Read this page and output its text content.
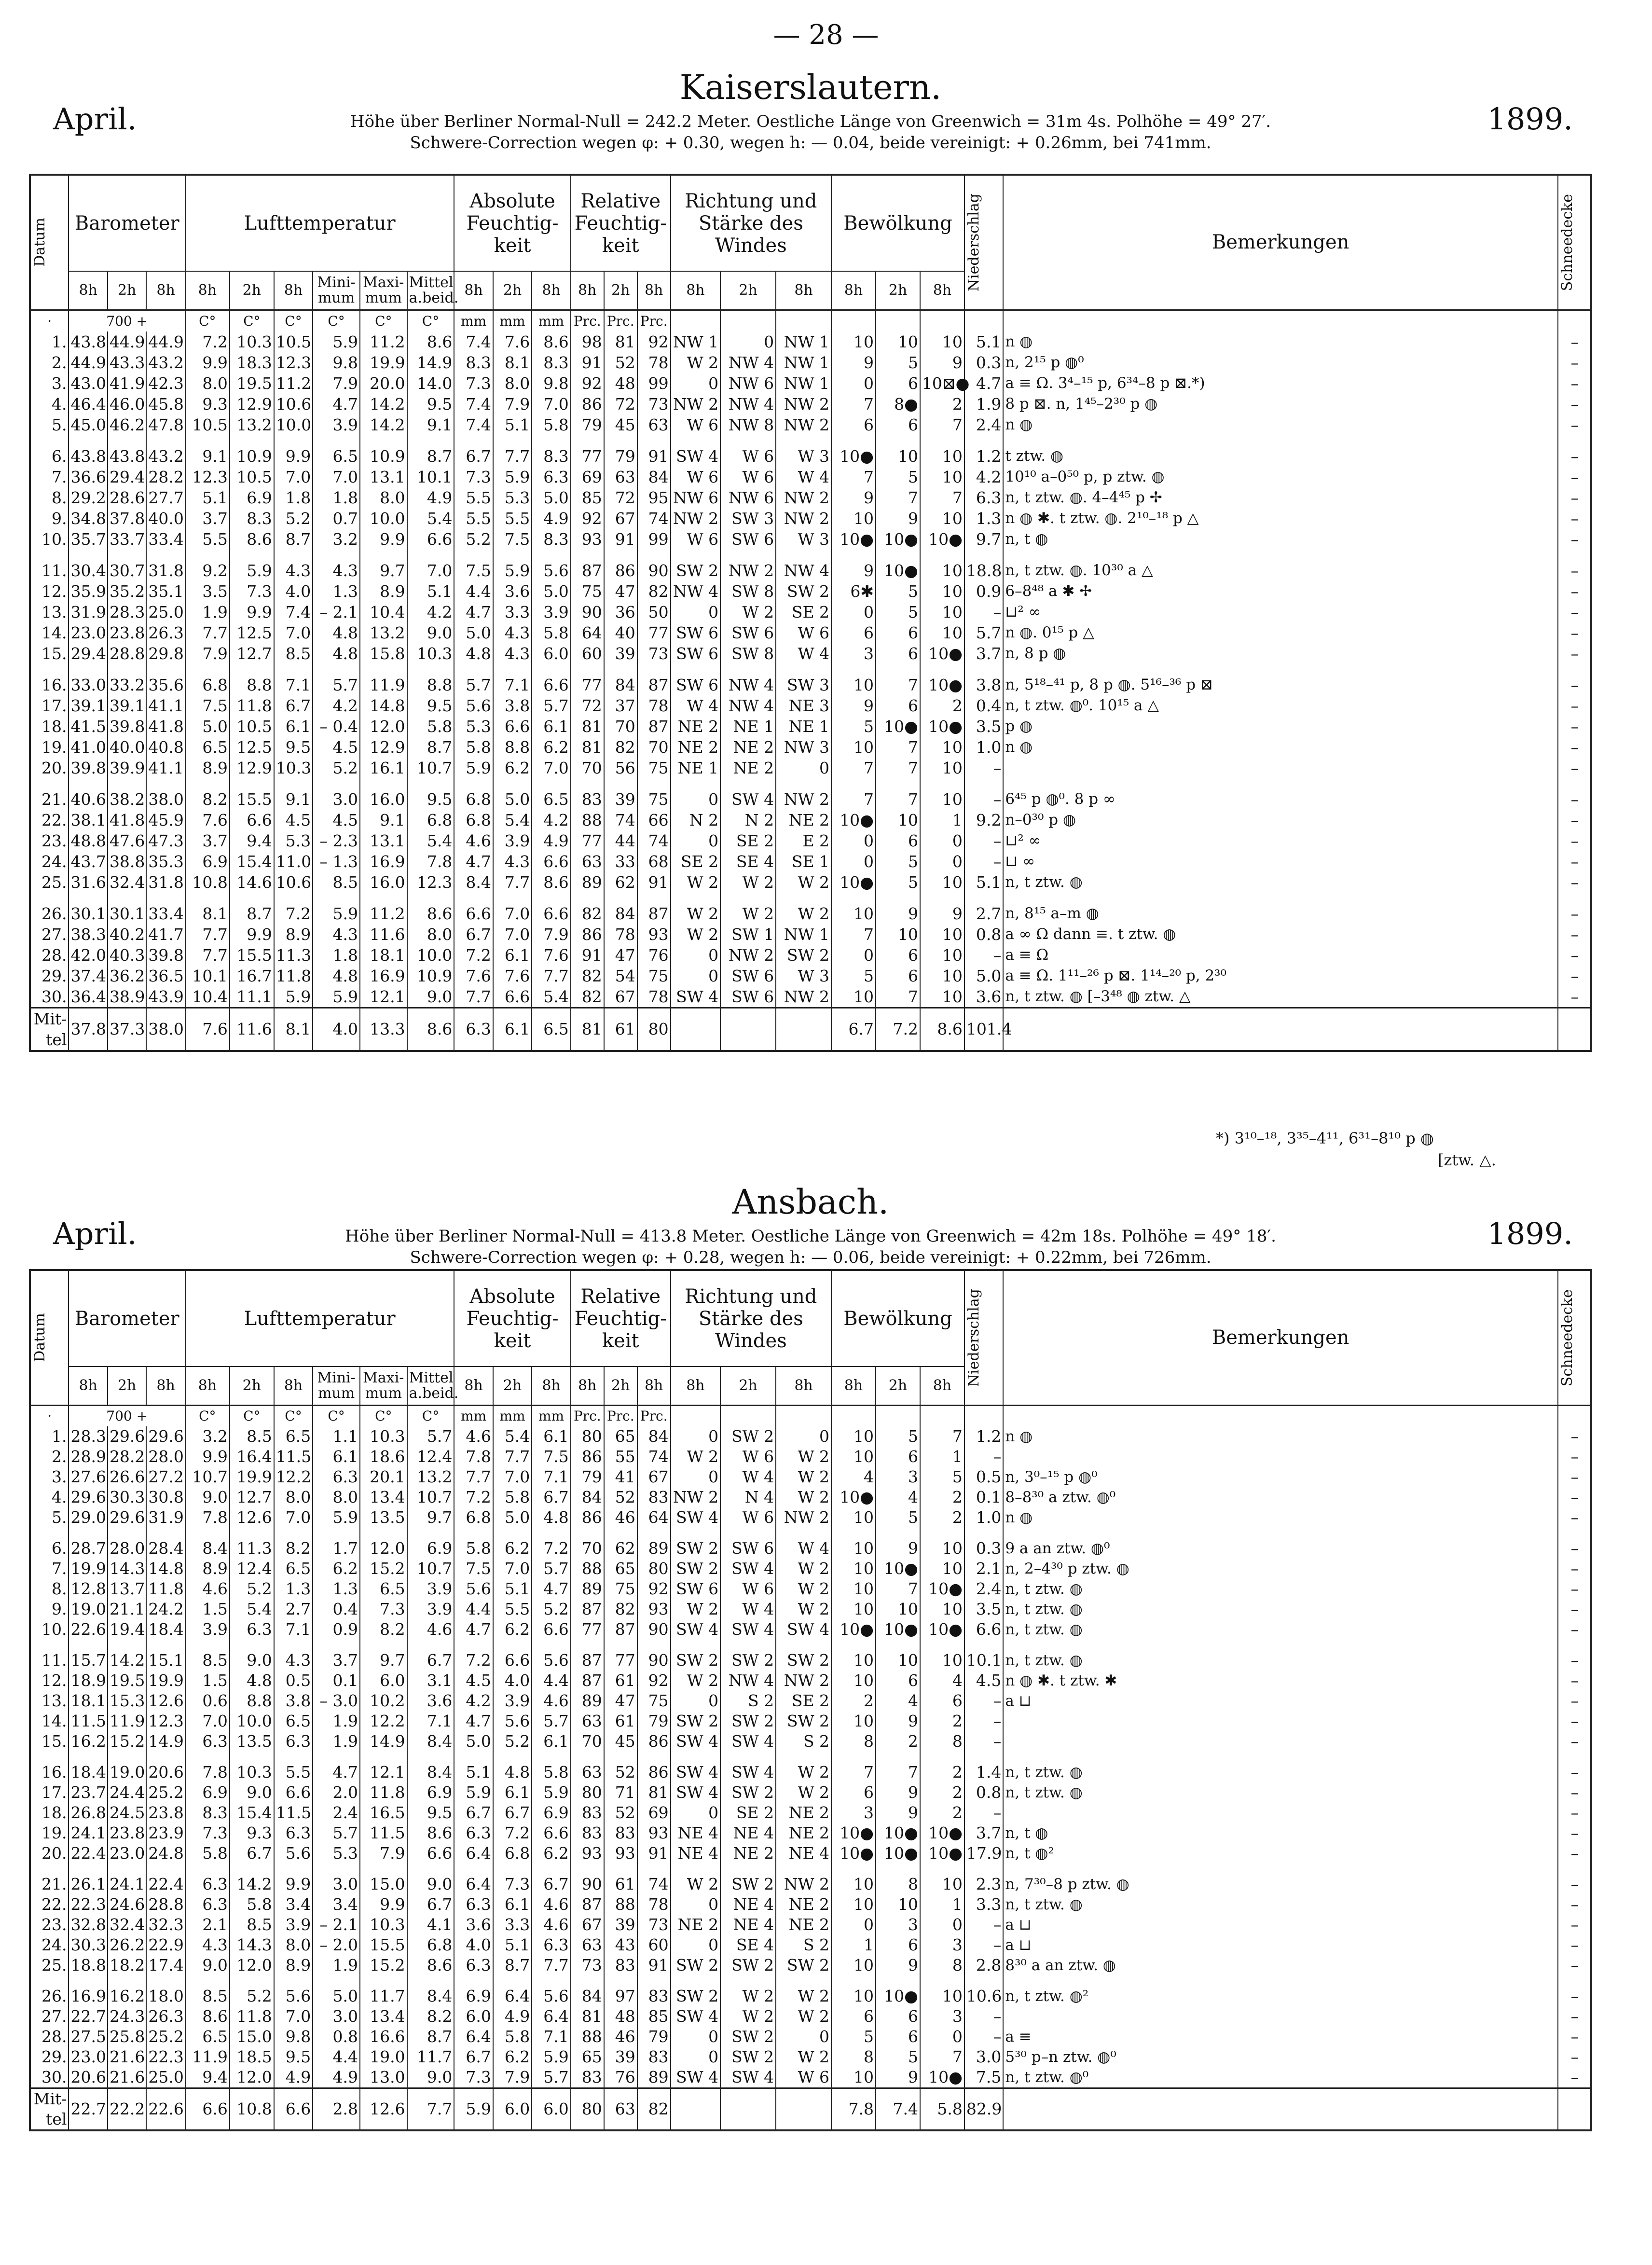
— 28 —
Kaiserslautern.
April.	1899.
Höhe über Berliner Normal-Null = 242.2 Meter. Oestliche Länge von Greenwich = 31m 4s. Polhöhe = 49° 27′.
Schwere-Correction wegen φ: + 0.30, wegen h: — 0.04, beide vereinigt: + 0.26mm, bei 741mm.
Datum	Barometer			Lufttemperatur						Absolute Feuchtig- keit			Relative Feuchtig- keit			Richtung und Stärke des Windes			Bewölkung			Niederschlag	Bemerkungen	Schneedecke	

	8h	2h	8h	8h	2h	8h	Mini- mum	Maxi- mum	Mittel a.beid.	8h	2h	8h	8h	2h	8h	8h	2h	8h	8h	2h	8h				
·	700 +			C°	C°	C°	C°	C°	C°	mm	mm	mm	Prc.	Prc.	Prc.											
1.	43.8	44.9	44.9	7.2	10.3	10.5	5.9	11.2	8.6	7.4	7.6	8.6	98	81	92	NW 1	0	NW 1	10	10	10	5.1	n ◍	–	
2.	44.9	43.3	43.2	9.9	18.3	12.3	9.8	19.9	14.9	8.3	8.1	8.3	91	52	78	W 2	NW 4	NW 1	9	5	9	0.3	n, 2¹⁵ p ◍⁰	–	
3.	43.0	41.9	42.3	8.0	19.5	11.2	7.9	20.0	14.0	7.3	8.0	9.8	92	48	99	0	NW 6	NW 1	0	6	10⊠●	4.7	a ≡ Ω. 3⁴–¹⁵ p, 6³⁴–8 p ⊠.*)	–	
4.	46.4	46.0	45.8	9.3	12.9	10.6	4.7	14.2	9.5	7.4	7.9	7.0	86	72	73	NW 2	NW 4	NW 2	7	8●	2	1.9	8 p ⊠. n, 1⁴⁵–2³⁰ p ◍	–	
5.	45.0	46.2	47.8	10.5	13.2	10.0	3.9	14.2	9.1	7.4	5.1	5.8	79	45	63	W 6	NW 8	NW 2	6	6	7	2.4	n ◍	–	
6.	43.8	43.8	43.2	9.1	10.9	9.9	6.5	10.9	8.7	6.7	7.7	8.3	77	79	91	SW 4	W 6	W 3	10●	10	10	1.2	t ztw. ◍	–	
7.	36.6	29.4	28.2	12.3	10.5	7.0	7.0	13.1	10.1	7.3	5.9	6.3	69	63	84	W 6	W 6	W 4	7	5	10	4.2	10¹⁰ a–0⁵⁰ p, p ztw. ◍	–	
8.	29.2	28.6	27.7	5.1	6.9	1.8	1.8	8.0	4.9	5.5	5.3	5.0	85	72	95	NW 6	NW 6	NW 2	9	7	7	6.3	n, t ztw. ◍. 4–4⁴⁵ p ✢	–	
9.	34.8	37.8	40.0	3.7	8.3	5.2	0.7	10.0	5.4	5.5	5.5	4.9	92	67	74	NW 2	SW 3	NW 2	10	9	10	1.3	n ◍ ✱. t ztw. ◍. 2¹⁰–¹⁸ p △	–	
10.	35.7	33.7	33.4	5.5	8.6	8.7	3.2	9.9	6.6	5.2	7.5	8.3	93	91	99	W 6	SW 6	W 3	10●	10●	10●	9.7	n, t ◍	–	
11.	30.4	30.7	31.8	9.2	5.9	4.3	4.3	9.7	7.0	7.5	5.9	5.6	87	86	90	SW 2	NW 2	NW 4	9	10●	10	18.8	n, t ztw. ◍. 10³⁰ a △	–	
12.	35.9	35.2	35.1	3.5	7.3	4.0	1.3	8.9	5.1	4.4	3.6	5.0	75	47	82	NW 4	SW 8	SW 2	6✱	5	10	0.9	6–8⁴⁸ a ✱ ✢	–	
13.	31.9	28.3	25.0	1.9	9.9	7.4	– 2.1	10.4	4.2	4.7	3.3	3.9	90	36	50	0	W 2	SE 2	0	5	10	–	⊔² ∞	–	
14.	23.0	23.8	26.3	7.7	12.5	7.0	4.8	13.2	9.0	5.0	4.3	5.8	64	40	77	SW 6	SW 6	W 6	6	6	10	5.7	n ◍. 0¹⁵ p △	–	
15.	29.4	28.8	29.8	7.9	12.7	8.5	4.8	15.8	10.3	4.8	4.3	6.0	60	39	73	SW 6	SW 8	W 4	3	6	10●	3.7	n, 8 p ◍	–	
16.	33.0	33.2	35.6	6.8	8.8	7.1	5.7	11.9	8.8	5.7	7.1	6.6	77	84	87	SW 6	NW 4	SW 3	10	7	10●	3.8	n, 5¹⁸–⁴¹ p, 8 p ◍. 5¹⁶–³⁶ p ⊠	–	
17.	39.1	39.1	41.1	7.5	11.8	6.7	4.2	14.8	9.5	5.6	3.8	5.7	72	37	78	W 4	NW 4	NE 3	9	6	2	0.4	n, t ztw. ◍⁰. 10¹⁵ a △	–	
18.	41.5	39.8	41.8	5.0	10.5	6.1	– 0.4	12.0	5.8	5.3	6.6	6.1	81	70	87	NE 2	NE 1	NE 1	5	10●	10●	3.5	p ◍	–	
19.	41.0	40.0	40.8	6.5	12.5	9.5	4.5	12.9	8.7	5.8	8.8	6.2	81	82	70	NE 2	NE 2	NW 3	10	7	10	1.0	n ◍	–	
20.	39.8	39.9	41.1	8.9	12.9	10.3	5.2	16.1	10.7	5.9	6.2	7.0	70	56	75	NE 1	NE 2	0	7	7	10	–		–	
21.	40.6	38.2	38.0	8.2	15.5	9.1	3.0	16.0	9.5	6.8	5.0	6.5	83	39	75	0	SW 4	NW 2	7	7	10	–	6⁴⁵ p ◍⁰. 8 p ∞	–	
22.	38.1	41.8	45.9	7.6	6.6	4.5	4.5	9.1	6.8	6.8	5.4	4.2	88	74	66	N 2	N 2	NE 2	10●	10	1	9.2	n–0³⁰ p ◍	–	
23.	48.8	47.6	47.3	3.7	9.4	5.3	– 2.3	13.1	5.4	4.6	3.9	4.9	77	44	74	0	SE 2	E 2	0	6	0	–	⊔² ∞	–	
24.	43.7	38.8	35.3	6.9	15.4	11.0	– 1.3	16.9	7.8	4.7	4.3	6.6	63	33	68	SE 2	SE 4	SE 1	0	5	0	–	⊔ ∞	–	
25.	31.6	32.4	31.8	10.8	14.6	10.6	8.5	16.0	12.3	8.4	7.7	8.6	89	62	91	W 2	W 2	W 2	10●	5	10	5.1	n, t ztw. ◍	–	
26.	30.1	30.1	33.4	8.1	8.7	7.2	5.9	11.2	8.6	6.6	7.0	6.6	82	84	87	W 2	W 2	W 2	10	9	9	2.7	n, 8¹⁵ a–m ◍	–	
27.	38.3	40.2	41.7	7.7	9.9	8.9	4.3	11.6	8.0	6.7	7.0	7.9	86	78	93	W 2	SW 1	NW 1	7	10	10	0.8	a ∞ Ω dann ≡. t ztw. ◍	–	
28.	42.0	40.3	39.8	7.7	15.5	11.3	1.8	18.1	10.0	7.2	6.1	7.6	91	47	76	0	NW 2	SW 2	0	6	10	–	a ≡ Ω	–	
29.	37.4	36.2	36.5	10.1	16.7	11.8	4.8	16.9	10.9	7.6	7.6	7.7	82	54	75	0	SW 6	W 3	5	6	10	5.0	a ≡ Ω. 1¹¹–²⁶ p ⊠. 1¹⁴–²⁰ p, 2³⁰	–	
30.	36.4	38.9	43.9	10.4	11.1	5.9	5.9	12.1	9.0	7.7	6.6	5.4	82	67	78	SW 4	SW 6	NW 2	10	7	10	3.6	n, t ztw. ◍ [–3⁴⁸ ◍ ztw. △	–	
Mit- tel	37.8	37.3	38.0	7.6	11.6	8.1	4.0	13.3	8.6	6.3	6.1	6.5	81	61	80				6.7	7.2	8.6	101.4			
Ansbach.
April.	1899.
Höhe über Berliner Normal-Null = 413.8 Meter. Oestliche Länge von Greenwich = 42m 18s. Polhöhe = 49° 18′.
Schwere-Correction wegen φ: + 0.28, wegen h: — 0.06, beide vereinigt: + 0.22mm, bei 726mm.
Datum	Barometer			Lufttemperatur						Absolute Feuchtig- keit			Relative Feuchtig- keit			Richtung und Stärke des Windes			Bewölkung			Niederschlag	Bemerkungen	Schneedecke	

	8h	2h	8h	8h	2h	8h	Mini- mum	Maxi- mum	Mittel a.beid.	8h	2h	8h	8h	2h	8h	8h	2h	8h	8h	2h	8h				
·	700 +			C°	C°	C°	C°	C°	C°	mm	mm	mm	Prc.	Prc.	Prc.											
1.	28.3	29.6	29.6	3.2	8.5	6.5	1.1	10.3	5.7	4.6	5.4	6.1	80	65	84	0	SW 2	0	10	5	7	1.2	n ◍	–	
2.	28.9	28.2	28.0	9.9	16.4	11.5	6.1	18.6	12.4	7.8	7.7	7.5	86	55	74	W 2	W 6	W 2	10	6	1	–		–	
3.	27.6	26.6	27.2	10.7	19.9	12.2	6.3	20.1	13.2	7.7	7.0	7.1	79	41	67	0	W 4	W 2	4	3	5	0.5	n, 3⁰–¹⁵ p ◍⁰	–	
4.	29.6	30.3	30.8	9.0	12.7	8.0	8.0	13.4	10.7	7.2	5.8	6.7	84	52	83	NW 2	N 4	W 2	10●	4	2	0.1	8–8³⁰ a ztw. ◍⁰	–	
5.	29.0	29.6	31.9	7.8	12.6	7.0	5.9	13.5	9.7	6.8	5.0	4.8	86	46	64	SW 4	W 6	NW 2	10	5	2	1.0	n ◍	–	
6.	28.7	28.0	28.4	8.4	11.3	8.2	1.7	12.0	6.9	5.8	6.2	7.2	70	62	89	SW 2	SW 6	W 4	10	9	10	0.3	9 a an ztw. ◍⁰	–	
7.	19.9	14.3	14.8	8.9	12.4	6.5	6.2	15.2	10.7	7.5	7.0	5.7	88	65	80	SW 2	SW 4	W 2	10	10●	10	2.1	n, 2–4³⁰ p ztw. ◍	–	
8.	12.8	13.7	11.8	4.6	5.2	1.3	1.3	6.5	3.9	5.6	5.1	4.7	89	75	92	SW 6	W 6	W 2	10	7	10●	2.4	n, t ztw. ◍	–	
9.	19.0	21.1	24.2	1.5	5.4	2.7	0.4	7.3	3.9	4.4	5.5	5.2	87	82	93	W 2	W 4	W 2	10	10	10	3.5	n, t ztw. ◍	–	
10.	22.6	19.4	18.4	3.9	6.3	7.1	0.9	8.2	4.6	4.7	6.2	6.6	77	87	90	SW 4	SW 4	SW 4	10●	10●	10●	6.6	n, t ztw. ◍	–	
11.	15.7	14.2	15.1	8.5	9.0	4.3	3.7	9.7	6.7	7.2	6.6	5.6	87	77	90	SW 2	SW 2	SW 2	10	10	10	10.1	n, t ztw. ◍	–	
12.	18.9	19.5	19.9	1.5	4.8	0.5	0.1	6.0	3.1	4.5	4.0	4.4	87	61	92	W 2	NW 4	NW 2	10	6	4	4.5	n ◍ ✱. t ztw. ✱	–	
13.	18.1	15.3	12.6	0.6	8.8	3.8	– 3.0	10.2	3.6	4.2	3.9	4.6	89	47	75	0	S 2	SE 2	2	4	6	–	a ⊔	–	
14.	11.5	11.9	12.3	7.0	10.0	6.5	1.9	12.2	7.1	4.7	5.6	5.7	63	61	79	SW 2	SW 2	SW 2	10	9	2	–		–	
15.	16.2	15.2	14.9	6.3	13.5	6.3	1.9	14.9	8.4	5.0	5.2	6.1	70	45	86	SW 4	SW 4	S 2	8	2	8	–		–	
16.	18.4	19.0	20.6	7.8	10.3	5.5	4.7	12.1	8.4	5.1	4.8	5.8	63	52	86	SW 4	SW 4	W 2	7	7	2	1.4	n, t ztw. ◍	–	
17.	23.7	24.4	25.2	6.9	9.0	6.6	2.0	11.8	6.9	5.9	6.1	5.9	80	71	81	SW 4	SW 2	W 2	6	9	2	0.8	n, t ztw. ◍	–	
18.	26.8	24.5	23.8	8.3	15.4	11.5	2.4	16.5	9.5	6.7	6.7	6.9	83	52	69	0	SE 2	NE 2	3	9	2	–		–	
19.	24.1	23.8	23.9	7.3	9.3	6.3	5.7	11.5	8.6	6.3	7.2	6.6	83	83	93	NE 4	NE 4	NE 2	10●	10●	10●	3.7	n, t ◍	–	
20.	22.4	23.0	24.8	5.8	6.7	5.6	5.3	7.9	6.6	6.4	6.8	6.2	93	93	91	NE 4	NE 2	NE 4	10●	10●	10●	17.9	n, t ◍²	–	
21.	26.1	24.1	22.4	6.3	14.2	9.9	3.0	15.0	9.0	6.4	7.3	6.7	90	61	74	W 2	SW 2	NW 2	10	8	10	2.3	n, 7³⁰–8 p ztw. ◍	–	
22.	22.3	24.6	28.8	6.3	5.8	3.4	3.4	9.9	6.7	6.3	6.1	4.6	87	88	78	0	NE 4	NE 2	10	10	1	3.3	n, t ztw. ◍	–	
23.	32.8	32.4	32.3	2.1	8.5	3.9	– 2.1	10.3	4.1	3.6	3.3	4.6	67	39	73	NE 2	NE 4	NE 2	0	3	0	–	a ⊔	–	
24.	30.3	26.2	22.9	4.3	14.3	8.0	– 2.0	15.5	6.8	4.0	5.1	6.3	63	43	60	0	SE 4	S 2	1	6	3	–	a ⊔	–	
25.	18.8	18.2	17.4	9.0	12.0	8.9	1.9	15.2	8.6	6.3	8.7	7.7	73	83	91	SW 2	SW 2	SW 2	10	9	8	2.8	8³⁰ a an ztw. ◍	–	
26.	16.9	16.2	18.0	8.5	5.2	5.6	5.0	11.7	8.4	6.9	6.4	5.6	84	97	83	SW 2	W 2	W 2	10	10●	10	10.6	n, t ztw. ◍²	–	
27.	22.7	24.3	26.3	8.6	11.8	7.0	3.0	13.4	8.2	6.0	4.9	6.4	81	48	85	SW 4	W 2	W 2	6	6	3	–		–	
28.	27.5	25.8	25.2	6.5	15.0	9.8	0.8	16.6	8.7	6.4	5.8	7.1	88	46	79	0	SW 2	0	5	6	0	–	a ≡	–	
29.	23.0	21.6	22.3	11.9	18.5	9.5	4.4	19.0	11.7	6.7	6.2	5.9	65	39	83	0	SW 2	W 2	8	5	7	3.0	5³⁰ p–n ztw. ◍⁰	–	
30.	20.6	21.6	25.0	9.4	12.0	4.9	4.9	13.0	9.0	7.3	7.9	5.7	83	76	89	SW 4	SW 4	W 6	10	9	10●	7.5	n, t ztw. ◍⁰	–	
Mit- tel	22.7	22.2	22.6	6.6	10.8	6.6	2.8	12.6	7.7	5.9	6.0	6.0	80	63	82				7.8	7.4	5.8	82.9			
*) 3¹⁰–¹⁸, 3³⁵–4¹¹, 6³¹–8¹⁰ p ◍
[ztw. △.
